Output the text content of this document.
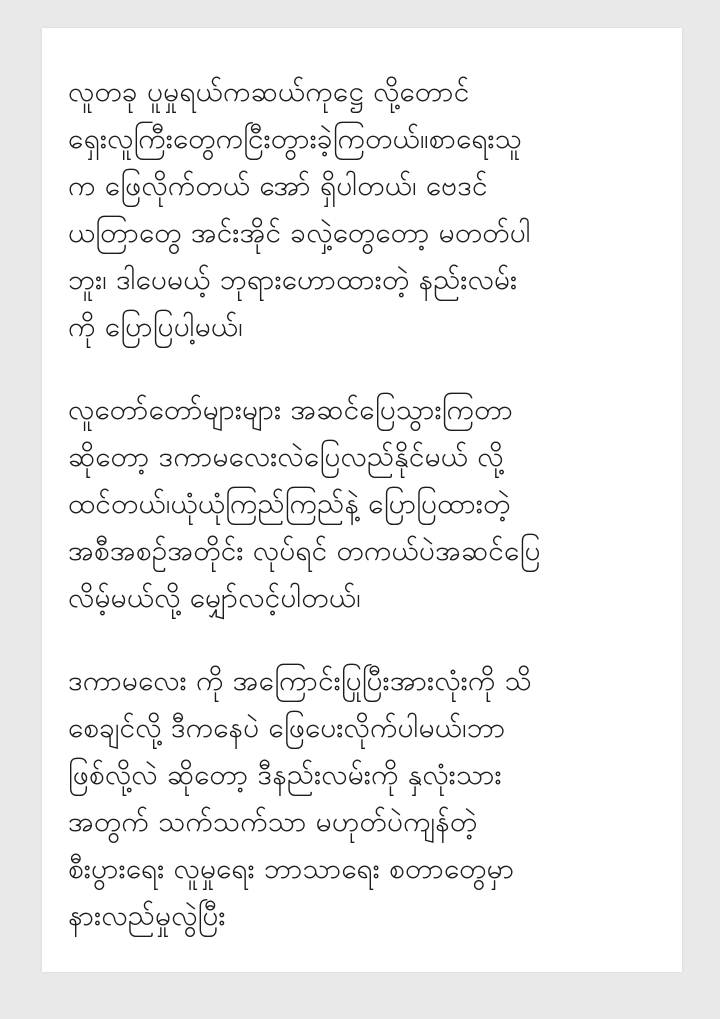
လူတခု ပူမှုရယ်ကဆယ်ကုဋ္ဌေ လို့တောင်
ရှေးလူကြီးတွေကငြီးတွားခဲ့ကြတယ်။စာရေးသူ
က ဖြေလိုက်တယ် အော် ရှိပါတယ်၊ ဗေဒင်
ယတြာတွေ အင်းအိုင် ခလှဲ့တွေတော့ မတတ်ပါ
ဘူး၊ ဒါပေမယ့် ဘုရားဟောထားတဲ့ နည်းလမ်း
ကို ပြောပြပါ့မယ်၊
လူတော်တော်များများ အဆင်ပြေသွားကြတာ
ဆိုတော့ ဒကာမလေးလဲပြေလည်နိုင်မယ် လို့
ထင်တယ်၊ယုံယုံကြည်ကြည်နဲ့ ပြောပြထားတဲ့
အစီအစဥ်အတိုင်း လုပ်ရင် တကယ်ပဲအဆင်ပြေ
လိမ့်မယ်လို့ မျှော်လင့်ပါတယ်၊
ဒကာမလေး ကို အကြောင်းပြုပြီးအားလုံးကို သိ
စေချင်လို့ ဒီကနေပဲ ဖြေပေးလိုက်ပါမယ်၊ဘာ
ဖြစ်လို့လဲ ဆိုတော့ ဒီနည်းလမ်းကို နှလုံးသား
အတွက် သက်သက်သာ မဟုတ်ပဲကျန်တဲ့
စီးပွားရေး လူမှုရေး ဘာသာရေး စတာတွေမှာ
နားလည်မှုလွဲပြီး
